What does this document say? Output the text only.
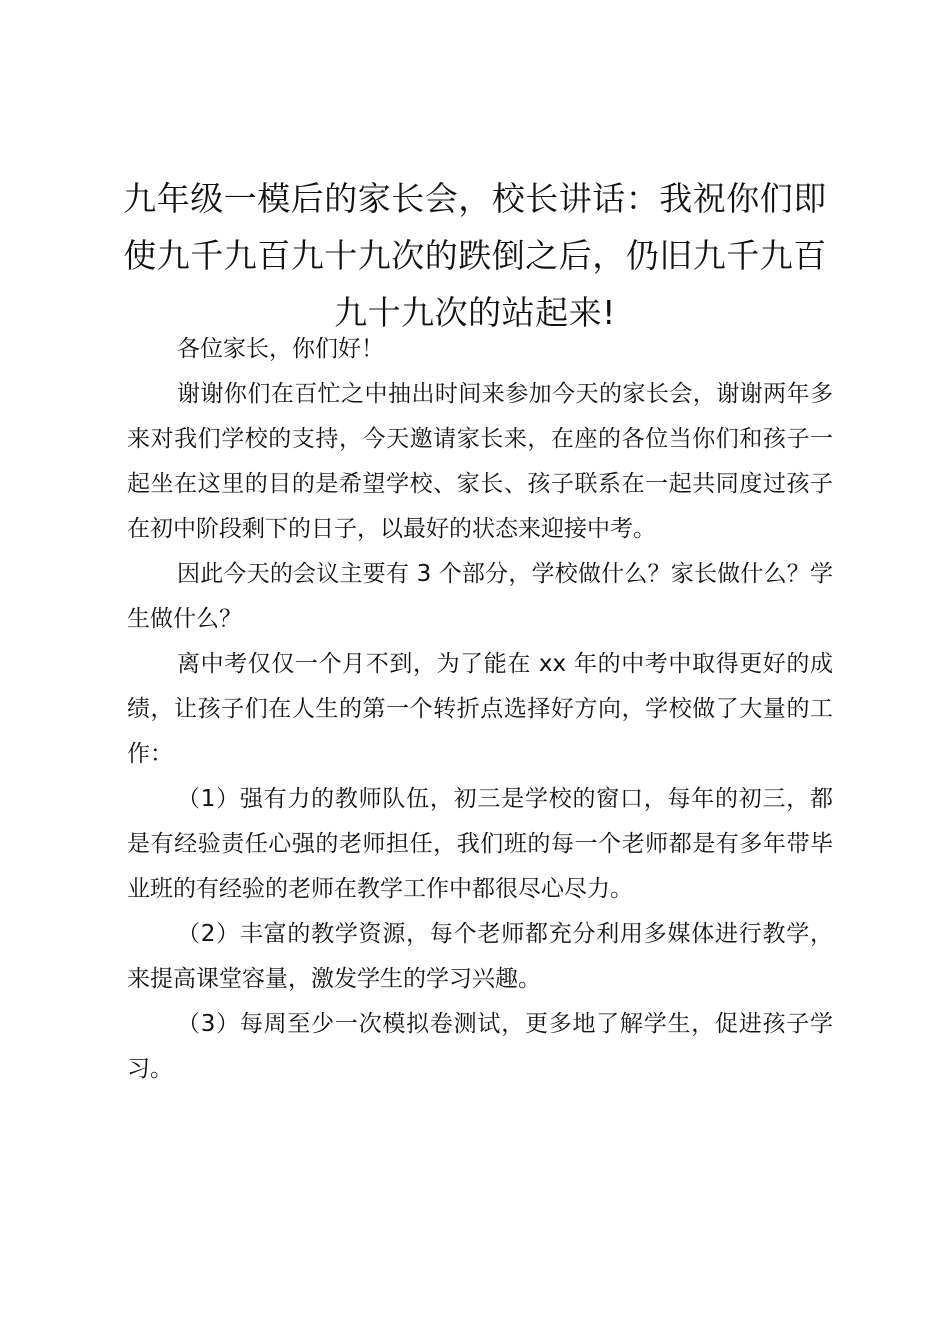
九年级一模后的家长会，校长讲话：我祝你们即使九千九百九十九次的跌倒之后，仍旧九千九百九十九次的站起来!

各位家长，你们好！

谢谢你们在百忙之中抽出时间来参加今天的家长会，谢谢两年多来对我们学校的支持，今天邀请家长来，在座的各位当你们和孩子一起坐在这里的目的是希望学校、家长、孩子联系在一起共同度过孩子在初中阶段剩下的日子，以最好的状态来迎接中考。

因此今天的会议主要有 3 个部分，学校做什么？家长做什么？学生做什么？

离中考仅仅一个月不到，为了能在 xx 年的中考中取得更好的成绩，让孩子们在人生的第一个转折点选择好方向，学校做了大量的工作：

（1）强有力的教师队伍，初三是学校的窗口，每年的初三，都是有经验责任心强的老师担任，我们班的每一个老师都是有多年带毕业班的有经验的老师在教学工作中都很尽心尽力。

（2）丰富的教学资源，每个老师都充分利用多媒体进行教学，来提高课堂容量，激发学生的学习兴趣。

（3）每周至少一次模拟卷测试，更多地了解学生，促进孩子学习。
